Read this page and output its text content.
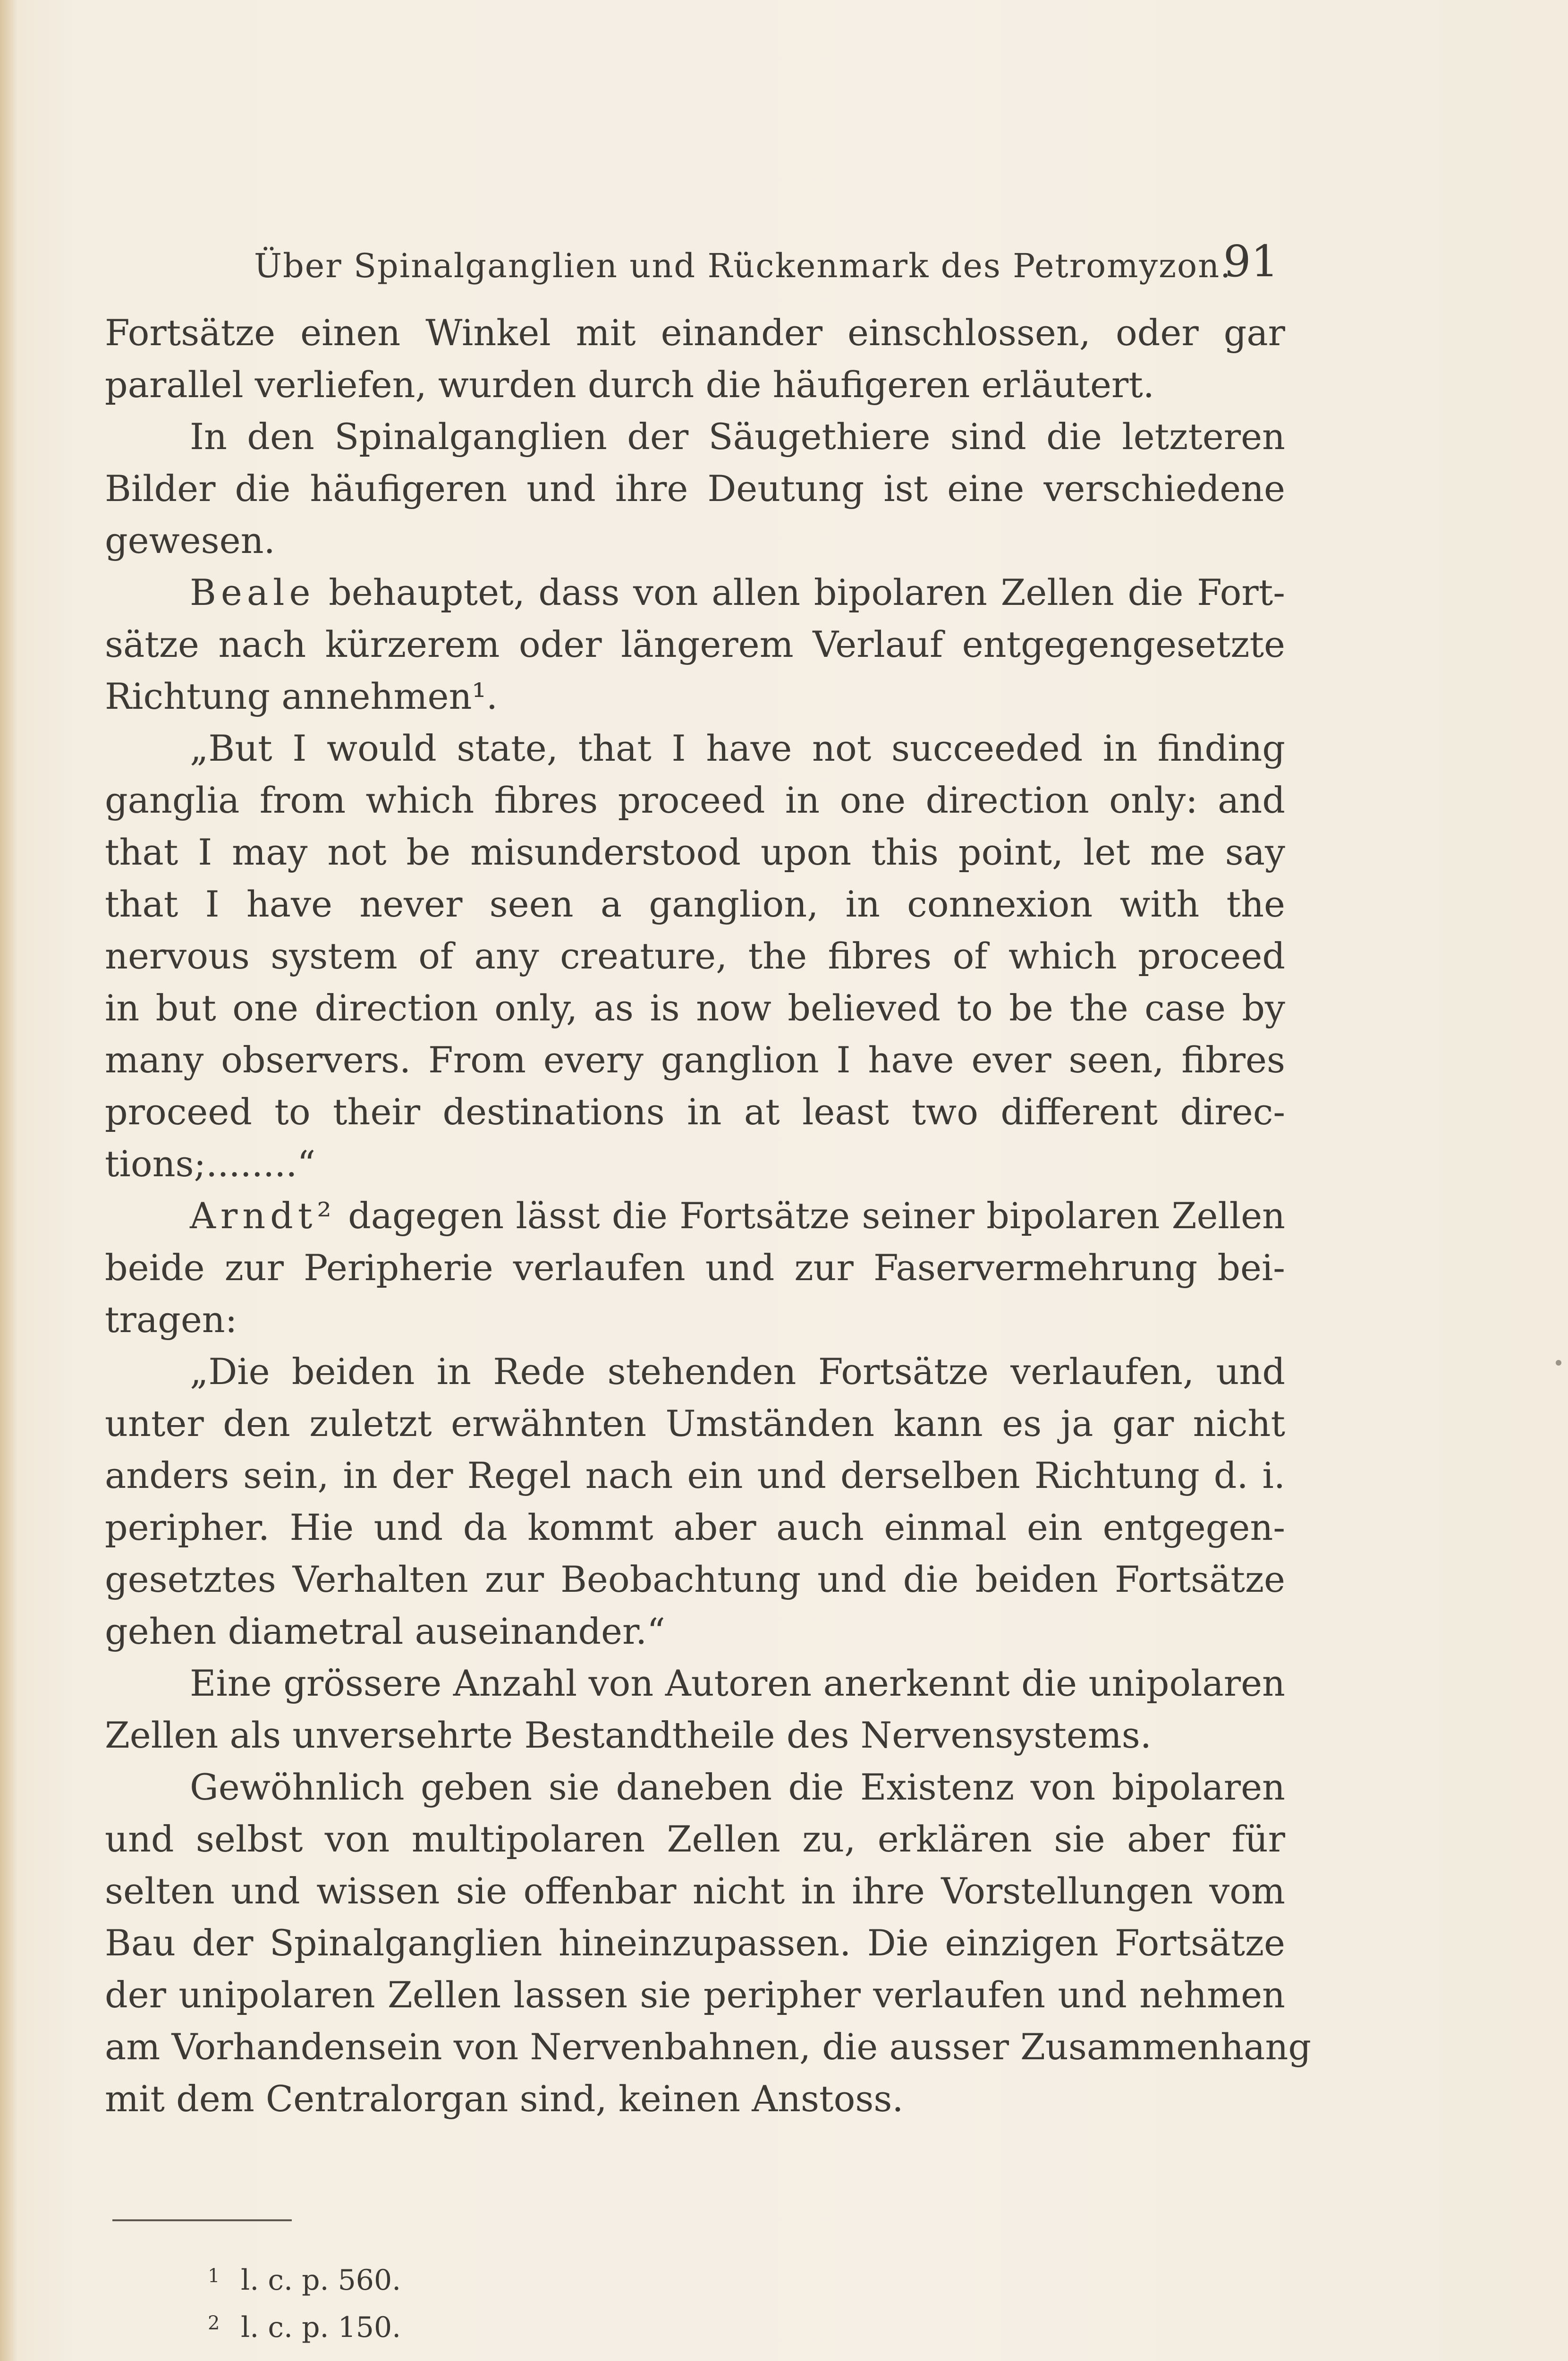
Über Spinalganglien und Rückenmark des Petromyzon.
91
Fortsätze einen Winkel mit einander einschlossen, oder gar
parallel verliefen, wurden durch die häufigeren erläutert.
In den Spinalganglien der Säugethiere sind die letzteren
Bilder die häufigeren und ihre Deutung ist eine verschiedene
gewesen.
Beale behauptet, dass von allen bipolaren Zellen die Fort-
sätze nach kürzerem oder längerem Verlauf entgegengesetzte
Richtung annehmen¹.
„But I would state, that I have not succeeded in finding
ganglia from which fibres proceed in one direction only: and
that I may not be misunderstood upon this point, let me say
that I have never seen a ganglion, in connexion with the
nervous system of any creature, the fibres of which proceed
in but one direction only, as is now believed to be the case by
many observers. From every ganglion I have ever seen, fibres
proceed to their destinations in at least two different direc-
tions;........“
Arndt² dagegen lässt die Fortsätze seiner bipolaren Zellen
beide zur Peripherie verlaufen und zur Faservermehrung bei-
tragen:
„Die beiden in Rede stehenden Fortsätze verlaufen, und
unter den zuletzt erwähnten Umständen kann es ja gar nicht
anders sein, in der Regel nach ein und derselben Richtung d. i.
peripher. Hie und da kommt aber auch einmal ein entgegen-
gesetztes Verhalten zur Beobachtung und die beiden Fortsätze
gehen diametral auseinander.“
Eine grössere Anzahl von Autoren anerkennt die unipolaren
Zellen als unversehrte Bestandtheile des Nervensystems.
Gewöhnlich geben sie daneben die Existenz von bipolaren
und selbst von multipolaren Zellen zu, erklären sie aber für
selten und wissen sie offenbar nicht in ihre Vorstellungen vom
Bau der Spinalganglien hineinzupassen. Die einzigen Fortsätze
der unipolaren Zellen lassen sie peripher verlaufen und nehmen
am Vorhandensein von Nervenbahnen, die ausser Zusammenhang
mit dem Centralorgan sind, keinen Anstoss.
1 l. c. p. 560.
2 l. c. p. 150.
